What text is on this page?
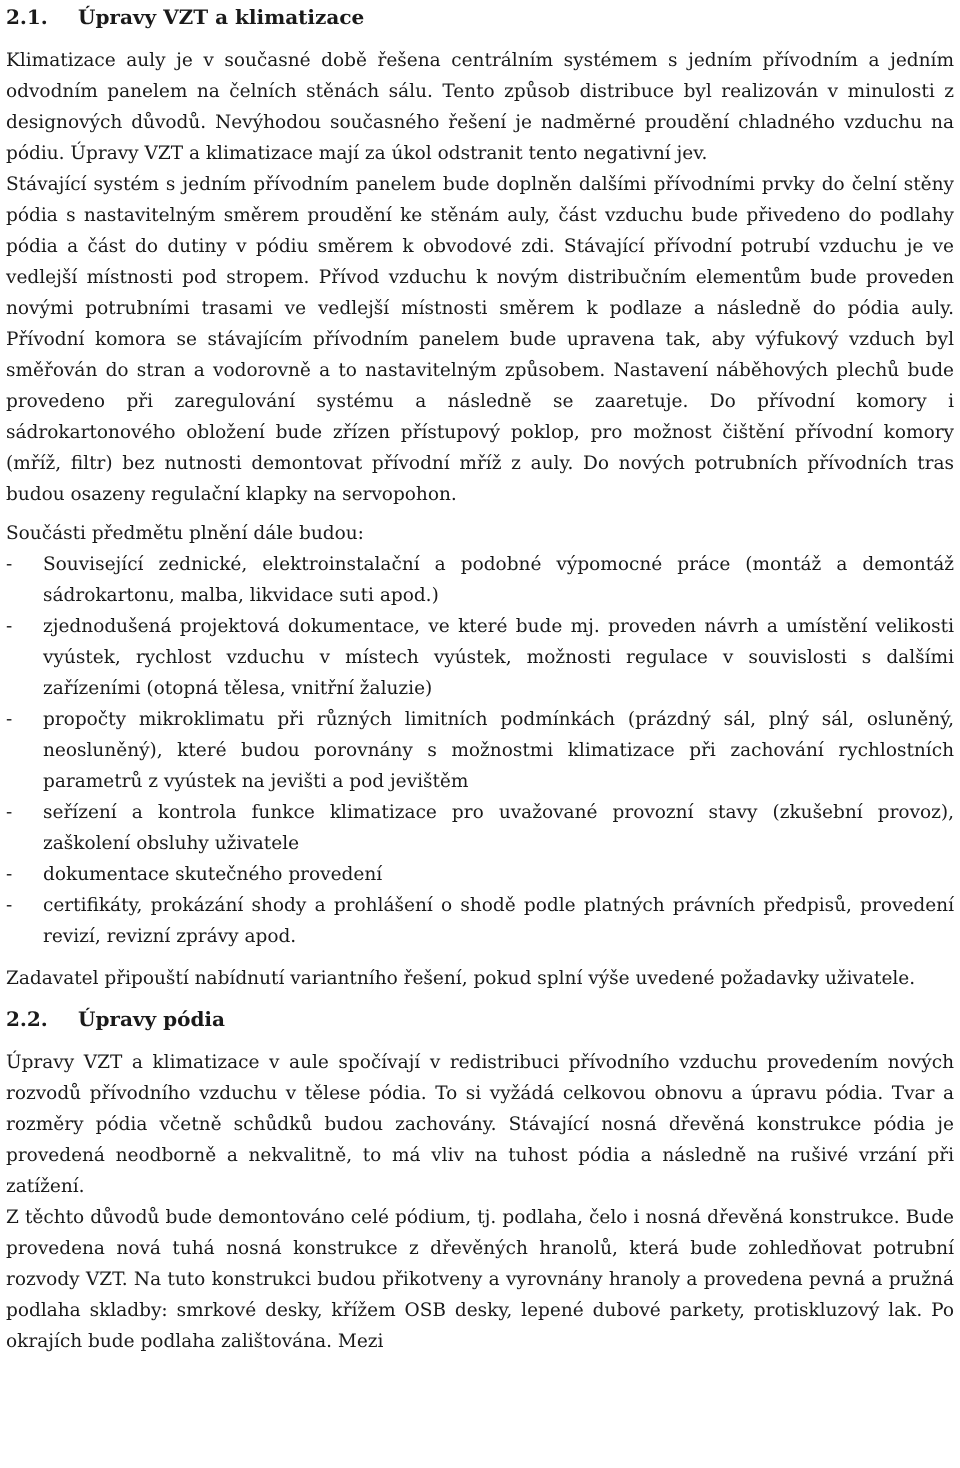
2.1.	Úpravy VZT a klimatizace

Klimatizace auly je v současné době řešena centrálním systémem s jedním přívodním a jedním odvodním panelem na čelních stěnách sálu. Tento způsob distribuce byl realizován v minulosti z designových důvodů. Nevýhodou současného řešení je nadměrné proudění chladného vzduchu na pódiu. Úpravy VZT a klimatizace mají za úkol odstranit tento negativní jev.

Stávající systém s jedním přívodním panelem bude doplněn dalšími přívodními prvky do čelní stěny pódia s nastavitelným směrem proudění ke stěnám auly, část vzduchu bude přivedeno do podlahy pódia a část do dutiny v pódiu směrem k obvodové zdi. Stávající přívodní potrubí vzduchu je ve vedlejší místnosti pod stropem. Přívod vzduchu k novým distribučním elementům bude proveden novými potrubními trasami ve vedlejší místnosti směrem k podlaze a následně do pódia auly. Přívodní komora se stávajícím přívodním panelem bude upravena tak, aby výfukový vzduch byl směřován do stran a vodorovně a to nastavitelným způsobem. Nastavení náběhových plechů bude provedeno při zaregulování systému a následně se zaaretuje. Do přívodní komory i sádrokartonového obložení bude zřízen přístupový poklop, pro možnost čištění přívodní komory (mříž, filtr) bez nutnosti demontovat přívodní mříž z auly. Do nových potrubních přívodních tras budou osazeny regulační klapky na servopohon.

Součásti předmětu plnění dále budou:

- Související zednické, elektroinstalační a podobné výpomocné práce (montáž a demontáž sádrokartonu, malba, likvidace suti apod.)
- zjednodušená projektová dokumentace, ve které bude mj. proveden návrh a umístění velikosti vyústek, rychlost vzduchu v místech vyústek, možnosti regulace v souvislosti s dalšími zařízeními (otopná tělesa, vnitřní žaluzie)
- propočty mikroklimatu při různých limitních podmínkách (prázdný sál, plný sál, osluněný, neosluněný), které budou porovnány s možnostmi klimatizace při zachování rychlostních parametrů z vyústek na jevišti a pod jevištěm
- seřízení a kontrola funkce klimatizace pro uvažované provozní stavy (zkušební provoz), zaškolení obsluhy uživatele
- dokumentace skutečného provedení
- certifikáty, prokázání shody a prohlášení o shodě podle platných právních předpisů, provedení revizí, revizní zprávy apod.

Zadavatel připouští nabídnutí variantního řešení, pokud splní výše uvedené požadavky uživatele.

2.2.	Úpravy pódia

Úpravy VZT a klimatizace v aule spočívají v redistribuci přívodního vzduchu provedením nových rozvodů přívodního vzduchu v tělese pódia. To si vyžádá celkovou obnovu a úpravu pódia. Tvar a rozměry pódia včetně schůdků budou zachovány. Stávající nosná dřevěná konstrukce pódia je provedená neodborně a nekvalitně, to má vliv na tuhost pódia a následně na rušivé vrzání při zatížení.

Z těchto důvodů bude demontováno celé pódium, tj. podlaha, čelo i nosná dřevěná konstrukce. Bude provedena nová tuhá nosná konstrukce z dřevěných hranolů, která bude zohledňovat potrubní rozvody VZT. Na tuto konstrukci budou přikotveny a vyrovnány hranoly a provedena pevná a pružná podlaha skladby: smrkové desky, křížem OSB desky, lepené dubové parkety, protiskluzový lak. Po okrajích bude podlaha zalištována. Mezi
